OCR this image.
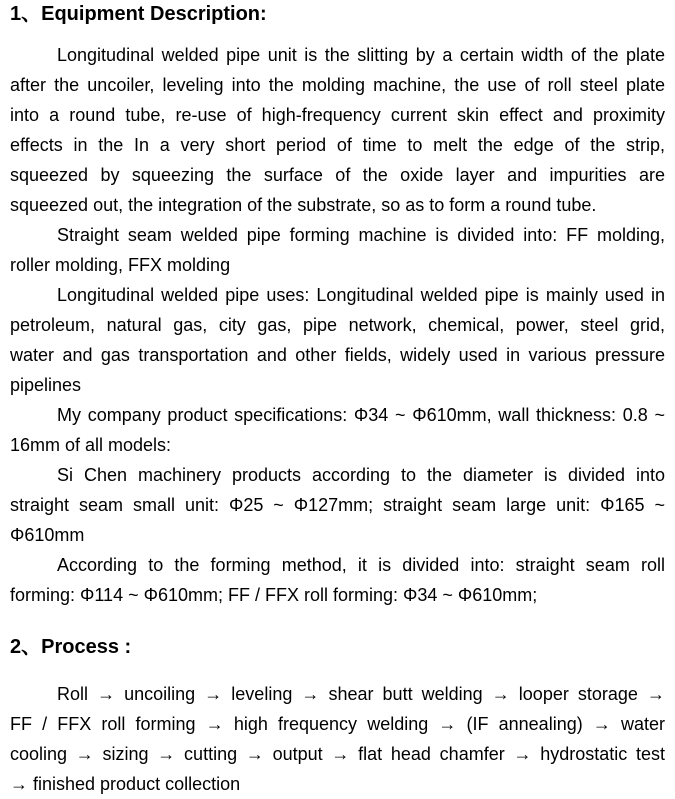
1、Equipment Description:
Longitudinal welded pipe unit is the slitting by a certain width of the plate
after the uncoiler, leveling into the molding machine, the use of roll steel plate
into a round tube, re-use of high-frequency current skin effect and proximity
effects in the In a very short period of time to melt the edge of the strip,
squeezed by squeezing the surface of the oxide layer and impurities are
squeezed out, the integration of the substrate, so as to form a round tube.
Straight seam welded pipe forming machine is divided into: FF molding,
roller molding, FFX molding
Longitudinal welded pipe uses: Longitudinal welded pipe is mainly used in
petroleum, natural gas, city gas, pipe network, chemical, power, steel grid,
water and gas transportation and other fields, widely used in various pressure
pipelines
My company product specifications: Φ34 ~ Φ610mm, wall thickness: 0.8 ~
16mm of all models:
Si Chen machinery products according to the diameter is divided into
straight seam small unit: Φ25 ~ Φ127mm; straight seam large unit: Φ165 ~
Φ610mm
According to the forming method, it is divided into: straight seam roll
forming: Φ114 ~ Φ610mm; FF / FFX roll forming: Φ34 ~ Φ610mm;
2、Process :
Roll → uncoiling → leveling → shear butt welding → looper storage →
FF / FFX roll forming → high frequency welding → (IF annealing) → water
cooling → sizing → cutting → output → flat head chamfer → hydrostatic test
→ finished product collection
